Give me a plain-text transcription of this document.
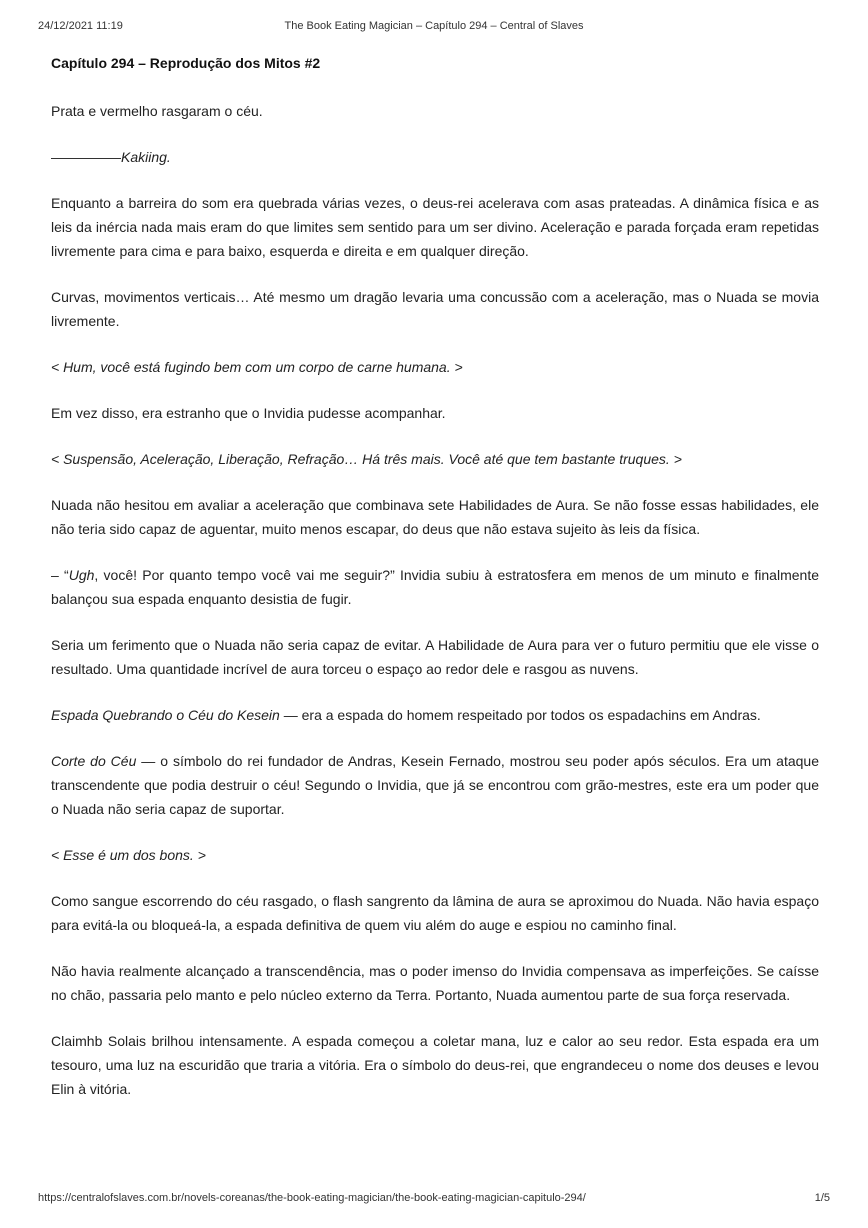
24/12/2021 11:19	The Book Eating Magician – Capítulo 294 – Central of Slaves
Capítulo 294 – Reprodução dos Mitos #2

Prata e vermelho rasgaram o céu.

—————Kakiing.

Enquanto a barreira do som era quebrada várias vezes, o deus-rei acelerava com asas prateadas. A dinâmica física e as leis da inércia nada mais eram do que limites sem sentido para um ser divino. Aceleração e parada forçada eram repetidas livremente para cima e para baixo, esquerda e direita e em qualquer direção.

Curvas, movimentos verticais… Até mesmo um dragão levaria uma concussão com a aceleração, mas o Nuada se movia livremente.

< Hum, você está fugindo bem com um corpo de carne humana. >

Em vez disso, era estranho que o Invidia pudesse acompanhar.

< Suspensão, Aceleração, Liberação, Refração… Há três mais. Você até que tem bastante truques. >

Nuada não hesitou em avaliar a aceleração que combinava sete Habilidades de Aura. Se não fosse essas habilidades, ele não teria sido capaz de aguentar, muito menos escapar, do deus que não estava sujeito às leis da física.

– “Ugh, você! Por quanto tempo você vai me seguir?” Invidia subiu à estratosfera em menos de um minuto e finalmente balançou sua espada enquanto desistia de fugir.

Seria um ferimento que o Nuada não seria capaz de evitar. A Habilidade de Aura para ver o futuro permitiu que ele visse o resultado. Uma quantidade incrível de aura torceu o espaço ao redor dele e rasgou as nuvens.

Espada Quebrando o Céu do Kesein — era a espada do homem respeitado por todos os espadachins em Andras.

Corte do Céu — o símbolo do rei fundador de Andras, Kesein Fernado, mostrou seu poder após séculos. Era um ataque transcendente que podia destruir o céu! Segundo o Invidia, que já se encontrou com grão-mestres, este era um poder que o Nuada não seria capaz de suportar.

< Esse é um dos bons. >

Como sangue escorrendo do céu rasgado, o flash sangrento da lâmina de aura se aproximou do Nuada. Não havia espaço para evitá-la ou bloqueá-la, a espada definitiva de quem viu além do auge e espiou no caminho final.

Não havia realmente alcançado a transcendência, mas o poder imenso do Invidia compensava as imperfeições. Se caísse no chão, passaria pelo manto e pelo núcleo externo da Terra. Portanto, Nuada aumentou parte de sua força reservada.

Claimhb Solais brilhou intensamente. A espada começou a coletar mana, luz e calor ao seu redor. Esta espada era um tesouro, uma luz na escuridão que traria a vitória. Era o símbolo do deus-rei, que engrandeceu o nome dos deuses e levou Elin à vitória.

https://centralofslaves.com.br/novels-coreanas/the-book-eating-magician/the-book-eating-magician-capitulo-294/	1/5
